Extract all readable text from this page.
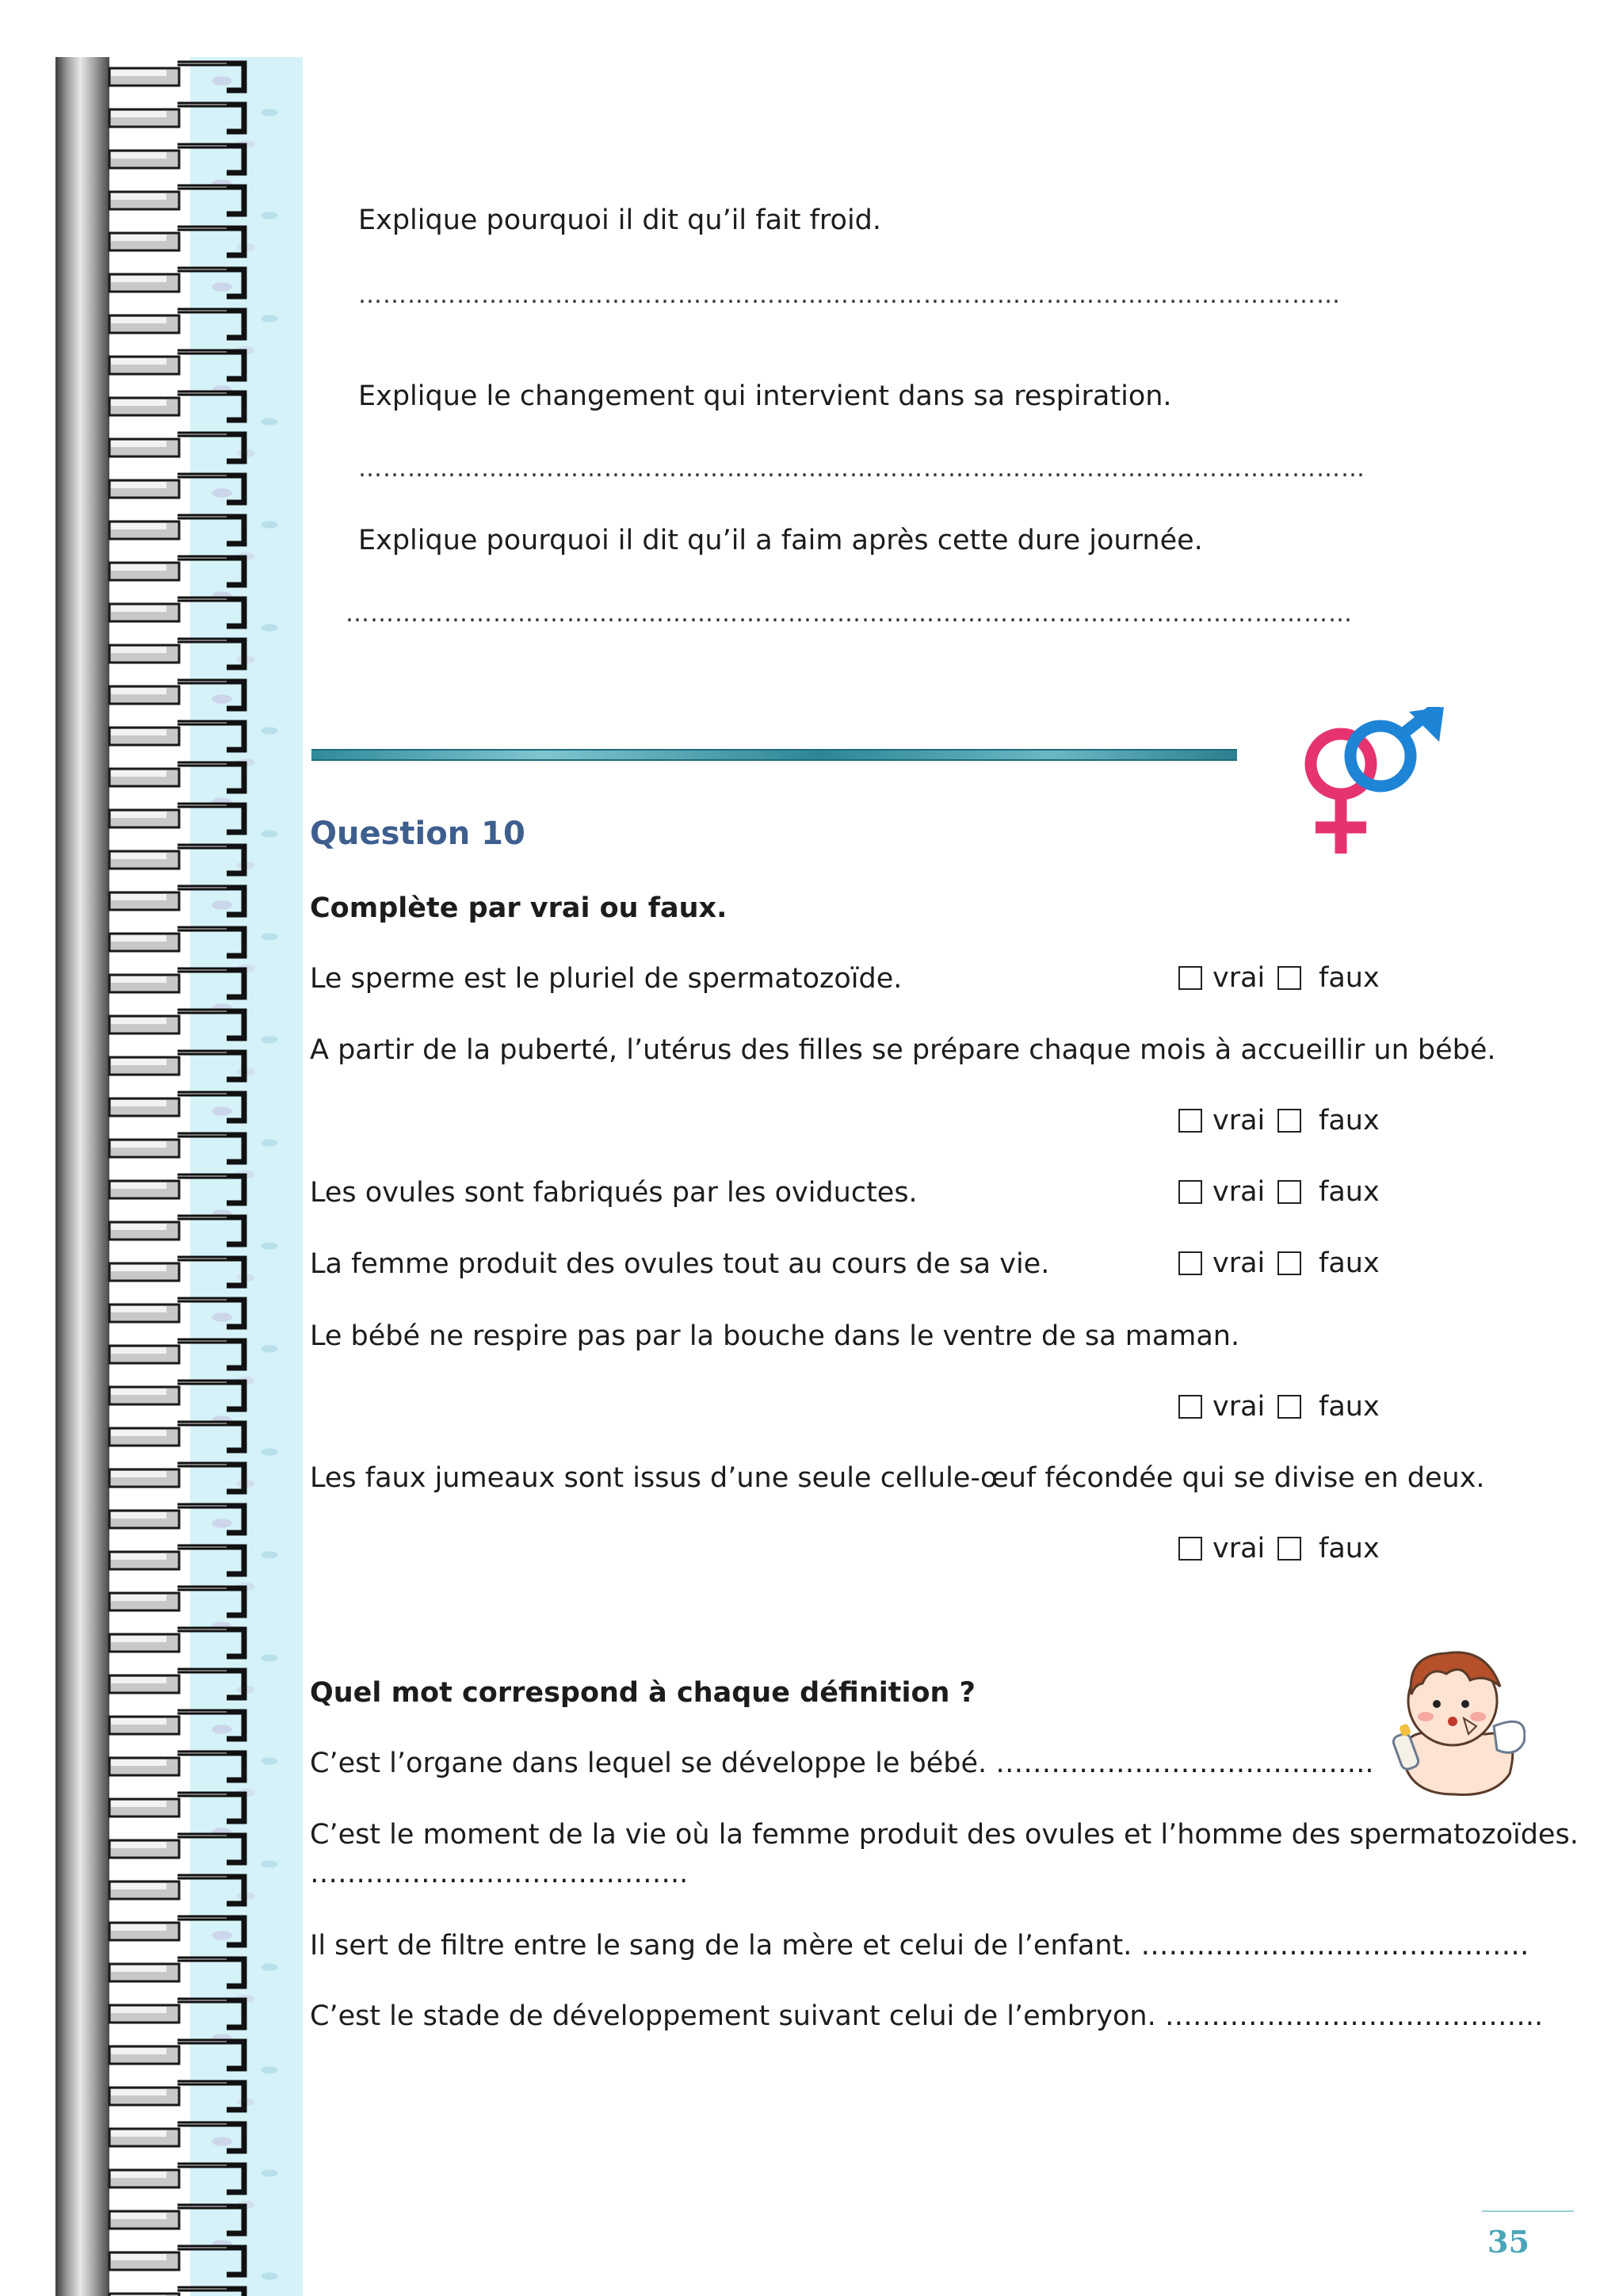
Explique pourquoi il dit qu’il fait froid.
…………………………………………………………………………………………………………
Explique le changement qui intervient dans sa respiration.
……………………………………………………………………………………………………………
Explique pourquoi il dit qu’il a faim après cette dure journée.
……………………………………………………………………………………………………………
Question 10
Complète par vrai ou faux.
Le sperme est le pluriel de spermatozoïde.
A partir de la puberté, l’utérus des filles se prépare chaque mois à accueillir un bébé.
Les ovules sont fabriqués par les oviductes.
La femme produit des ovules tout au cours de sa vie.
Le bébé ne respire pas par la bouche dans le ventre de sa maman.
Les faux jumeaux sont issus d’une seule cellule-œuf fécondée qui se divise en deux.
vrai faux
vrai faux
vrai faux
vrai faux
vrai faux
vrai faux
Quel mot correspond à chaque définition ?
C’est l’organe dans lequel se développe le bébé. …………………………………..
C’est le moment de la vie où la femme produit des ovules et l’homme des spermatozoïdes.
…………………………………..
Il sert de filtre entre le sang de la mère et celui de l’enfant. ……………………………………
C’est le stade de développement suivant celui de l’embryon. …………………………………..
35
